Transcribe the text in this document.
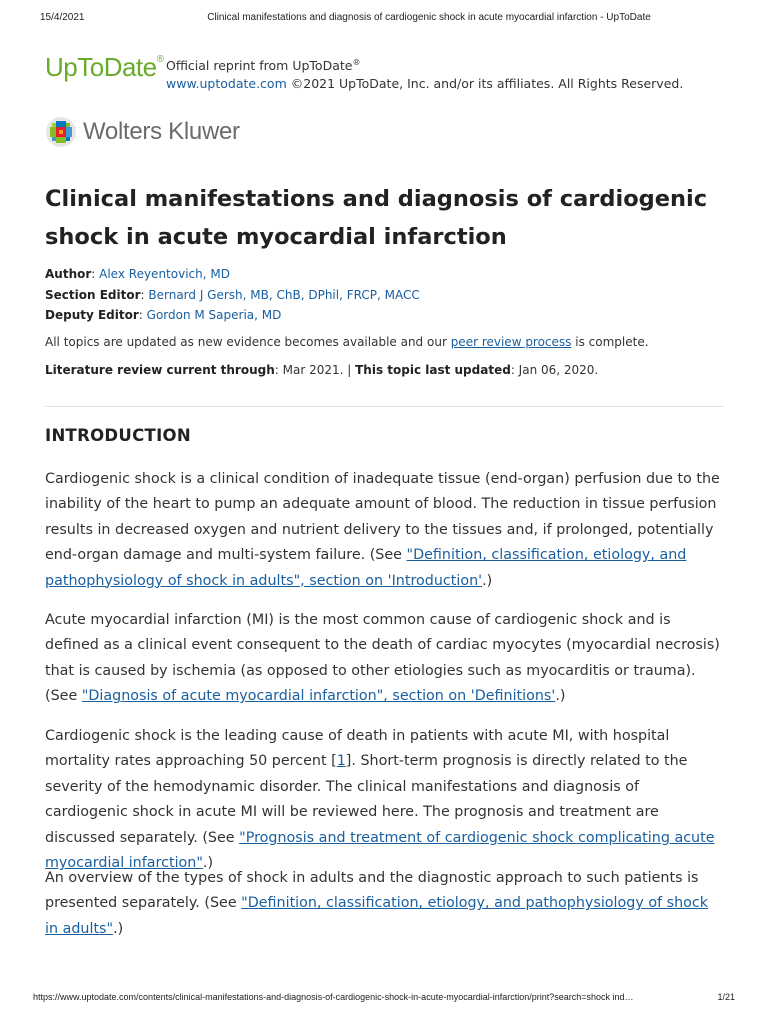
15/4/2021	Clinical manifestations and diagnosis of cardiogenic shock in acute myocardial infarction - UpToDate
UpToDate® Official reprint from UpToDate®
www.uptodate.com ©2021 UpToDate, Inc. and/or its affiliates. All Rights Reserved.
Wolters Kluwer
Clinical manifestations and diagnosis of cardiogenic shock in acute myocardial infarction
Author: Alex Reyentovich, MD
Section Editor: Bernard J Gersh, MB, ChB, DPhil, FRCP, MACC
Deputy Editor: Gordon M Saperia, MD
All topics are updated as new evidence becomes available and our peer review process is complete.
Literature review current through: Mar 2021. | This topic last updated: Jan 06, 2020.
INTRODUCTION

Cardiogenic shock is a clinical condition of inadequate tissue (end-organ) perfusion due to the inability of the heart to pump an adequate amount of blood. The reduction in tissue perfusion results in decreased oxygen and nutrient delivery to the tissues and, if prolonged, potentially end-organ damage and multi-system failure. (See "Definition, classification, etiology, and pathophysiology of shock in adults", section on 'Introduction'.)

Acute myocardial infarction (MI) is the most common cause of cardiogenic shock and is defined as a clinical event consequent to the death of cardiac myocytes (myocardial necrosis) that is caused by ischemia (as opposed to other etiologies such as myocarditis or trauma). (See "Diagnosis of acute myocardial infarction", section on 'Definitions'.)

Cardiogenic shock is the leading cause of death in patients with acute MI, with hospital mortality rates approaching 50 percent [1]. Short-term prognosis is directly related to the severity of the hemodynamic disorder. The clinical manifestations and diagnosis of cardiogenic shock in acute MI will be reviewed here. The prognosis and treatment are discussed separately. (See "Prognosis and treatment of cardiogenic shock complicating acute myocardial infarction".)

An overview of the types of shock in adults and the diagnostic approach to such patients is presented separately. (See "Definition, classification, etiology, and pathophysiology of shock in adults".)

https://www.uptodate.com/contents/clinical-manifestations-and-diagnosis-of-cardiogenic-shock-in-acute-myocardial-infarction/print?search=shock ind…	1/21
